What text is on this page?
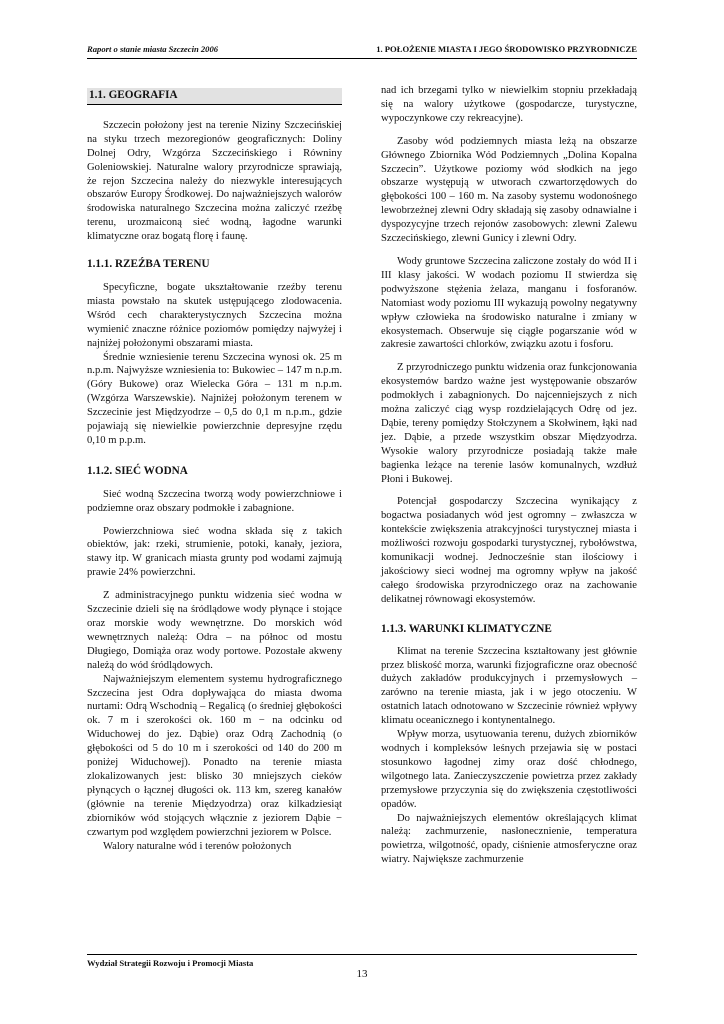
Raport o stanie miasta Szczecin 2006	1. POŁOŻENIE MIASTA I JEGO ŚRODOWISKO PRZYRODNICZE
1.1. GEOGRAFIA

Szczecin położony jest na terenie Niziny Szczecińskiej na styku trzech mezoregionów geograficznych: Doliny Dolnej Odry, Wzgórza Szczecińskiego i Równiny Goleniowskiej. Naturalne walory przyrodnicze sprawiają, że rejon Szczecina należy do niezwykle interesujących obszarów Europy Środkowej. Do najważniejszych walorów środowiska naturalnego Szczecina można zaliczyć rzeźbę terenu, urozmaiconą sieć wodną, łagodne warunki klimatyczne oraz bogatą florę i faunę.

1.1.1. RZEŹBA TERENU

Specyficzne, bogate ukształtowanie rzeźby terenu miasta powstało na skutek ustępującego zlodowacenia. Wśród cech charakterystycznych Szczecina można wymienić znaczne różnice poziomów pomiędzy najwyżej i najniżej położonymi obszarami miasta.

Średnie wzniesienie terenu Szczecina wynosi ok. 25 m n.p.m. Najwyższe wzniesienia to: Bukowiec – 147 m n.p.m. (Góry Bukowe) oraz Wielecka Góra – 131 m n.p.m. (Wzgórza Warszewskie). Najniżej położonym terenem w Szczecinie jest Międzyodrze – 0,5 do 0,1 m n.p.m., gdzie pojawiają się niewielkie powierzchnie depresyjne rzędu 0,10 m p.p.m.

1.1.2. SIEĆ WODNA

Sieć wodną Szczecina tworzą wody powierzchniowe i podziemne oraz obszary podmokłe i zabagnione.

Powierzchniowa sieć wodna składa się z takich obiektów, jak: rzeki, strumienie, potoki, kanały, jeziora, stawy itp. W granicach miasta grunty pod wodami zajmują prawie 24% powierzchni.

Z administracyjnego punktu widzenia sieć wodna w Szczecinie dzieli się na śródlądowe wody płynące i stojące oraz morskie wody wewnętrzne. Do morskich wód wewnętrznych należą: Odra – na północ od mostu Długiego, Domiąża oraz wody portowe. Pozostałe akweny należą do wód śródlądowych.

Najważniejszym elementem systemu hydrograficznego Szczecina jest Odra dopływająca do miasta dwoma nurtami: Odrą Wschodnią – Regalicą (o średniej głębokości ok. 7 m i szerokości ok. 160 m − na odcinku od Widuchowej do jez. Dąbie) oraz Odrą Zachodnią (o głębokości od 5 do 10 m i szerokości od 140 do 200 m poniżej Widuchowej). Ponadto na terenie miasta zlokalizowanych jest: blisko 30 mniejszych cieków płynących o łącznej długości ok. 113 km, szereg kanałów (głównie na terenie Międzyodrza) oraz kilkadziesiąt zbiorników wód stojących włącznie z jeziorem Dąbie − czwartym pod względem powierzchni jeziorem w Polsce.

Walory naturalne wód i terenów położonych

nad ich brzegami tylko w niewielkim stopniu przekładają się na walory użytkowe (gospodarcze, turystyczne, wypoczynkowe czy rekreacyjne).

Zasoby wód podziemnych miasta leżą na obszarze Głównego Zbiornika Wód Podziemnych „Dolina Kopalna Szczecin”. Użytkowe poziomy wód słodkich na jego obszarze występują w utworach czwartorzędowych do głębokości 100 – 160 m. Na zasoby systemu wodonośnego lewobrzeżnej zlewni Odry składają się zasoby odnawialne i dyspozycyjne trzech rejonów zasobowych: zlewni Zalewu Szczecińskiego, zlewni Gunicy i zlewni Odry.

Wody gruntowe Szczecina zaliczone zostały do wód II i III klasy jakości. W wodach poziomu II stwierdza się podwyższone stężenia żelaza, manganu i fosforanów. Natomiast wody poziomu III wykazują powolny negatywny wpływ człowieka na środowisko naturalne i zmiany w ekosystemach. Obserwuje się ciągłe pogarszanie wód w zakresie zawartości chlorków, związku azotu i fosforu.

Z przyrodniczego punktu widzenia oraz funkcjonowania ekosystemów bardzo ważne jest występowanie obszarów podmokłych i zabagnionych. Do najcenniejszych z nich można zaliczyć ciąg wysp rozdzielających Odrę od jez. Dąbie, tereny pomiędzy Stołczynem a Skołwinem, łąki nad jez. Dąbie, a przede wszystkim obszar Międzyodrza. Wysokie walory przyrodnicze posiadają także małe bagienka leżące na terenie lasów komunalnych, wzdłuż Płoni i Bukowej.

Potencjał gospodarczy Szczecina wynikający z bogactwa posiadanych wód jest ogromny – zwłaszcza w kontekście zwiększenia atrakcyjności turystycznej miasta i możliwości rozwoju gospodarki turystycznej, rybołówstwa, komunikacji wodnej. Jednocześnie stan ilościowy i jakościowy sieci wodnej ma ogromny wpływ na jakość całego środowiska przyrodniczego oraz na zachowanie delikatnej równowagi ekosystemów.

1.1.3. WARUNKI KLIMATYCZNE

Klimat na terenie Szczecina kształtowany jest głównie przez bliskość morza, warunki fizjograficzne oraz obecność dużych zakładów produkcyjnych i przemysłowych – zarówno na terenie miasta, jak i w jego otoczeniu. W ostatnich latach odnotowano w Szczecinie również wpływy klimatu oceanicznego i kontynentalnego.

Wpływ morza, usytuowania terenu, dużych zbiorników wodnych i kompleksów leśnych przejawia się w postaci stosunkowo łagodnej zimy oraz dość chłodnego, wilgotnego lata. Zanieczyszczenie powietrza przez zakłady przemysłowe przyczynia się do zwiększenia częstotliwości opadów.

Do najważniejszych elementów określających klimat należą: zachmurzenie, nasłonecznienie, temperatura powietrza, wilgotność, opady, ciśnienie atmosferyczne oraz wiatry. Największe zachmurzenie

Wydział Strategii Rozwoju i Promocji Miasta
13
